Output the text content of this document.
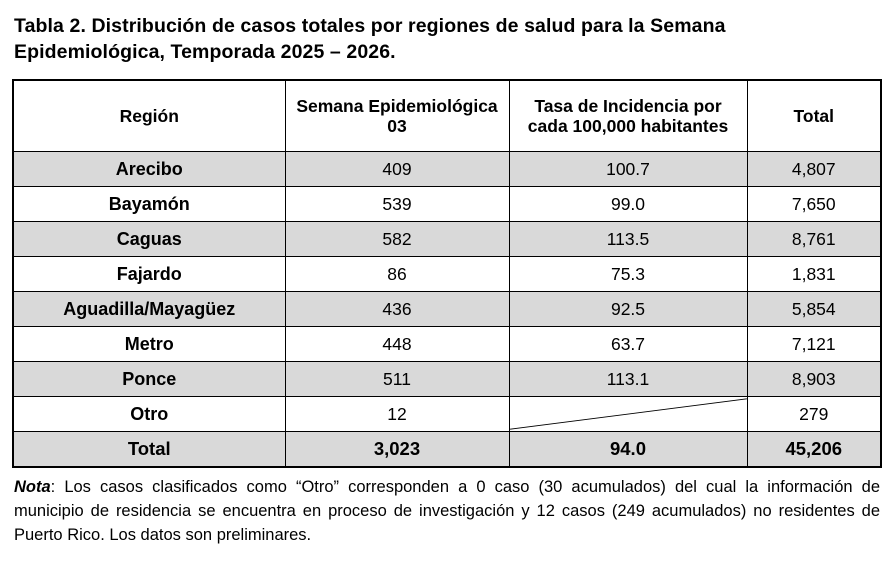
Tabla 2. Distribución de casos totales por regiones de salud para la Semana
Epidemiológica, Temporada 2025 – 2026.
Región	Semana Epidemiológica 03	Tasa de Incidencia por cada 100,000 habitantes	Total
Arecibo	409	100.7	4,807
Bayamón	539	99.0	7,650
Caguas	582	113.5	8,761
Fajardo	86	75.3	1,831
Aguadilla/Mayagüez	436	92.5	5,854
Metro	448	63.7	7,121
Ponce	511	113.1	8,903
Otro	12		279
Total	3,023	94.0	45,206
Nota: Los casos clasificados como “Otro” corresponden a 0 caso (30 acumulados) del cual la información de municipio de residencia se encuentra en proceso de investigación y 12 casos (249 acumulados) no residentes de Puerto Rico. Los datos son preliminares.
